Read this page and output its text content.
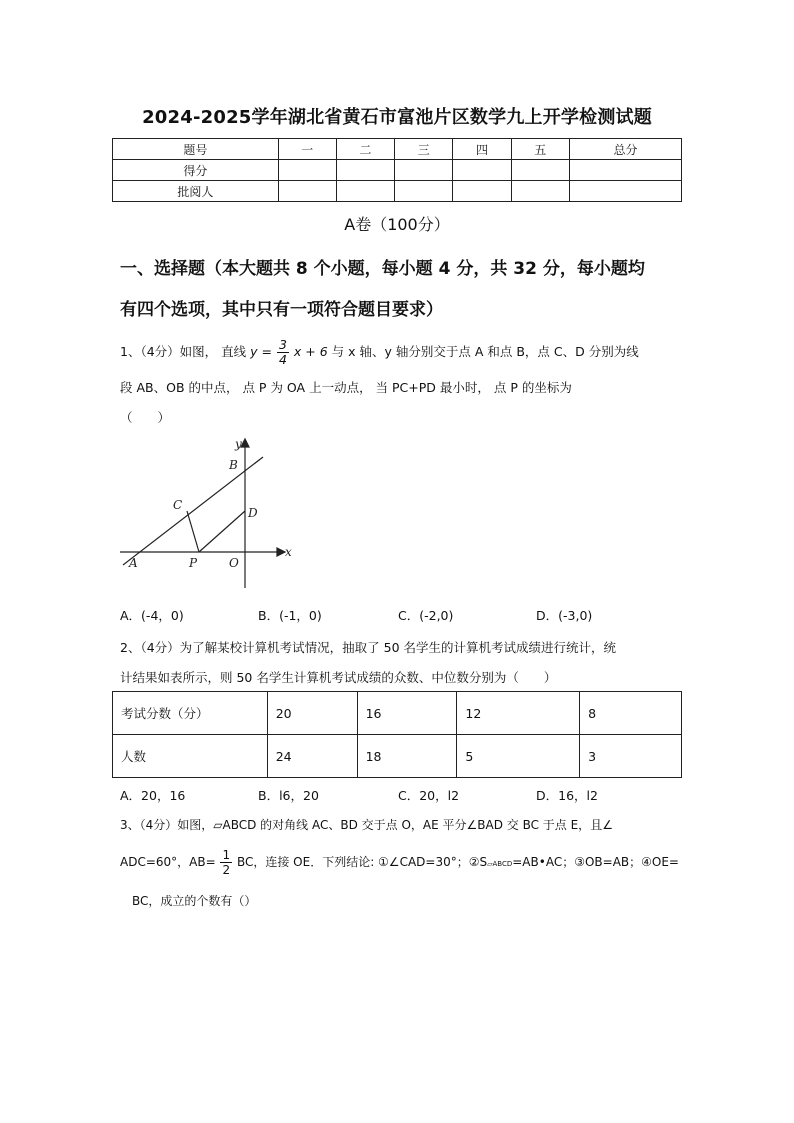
2024-2025学年湖北省黄石市富池片区数学九上开学检测试题
题号	一	二	三	四	五	总分
得分						
批阅人						
A卷（100分）
一、选择题（本大题共 8 个小题，每小题 4 分，共 32 分，每小题均
有四个选项，其中只有一项符合题目要求）
1、（4分）如图， 直线 $y = \frac{3}{4}$ x + 6 与 x 轴、y 轴分别交于点 A 和点 B，点 C、D 分别为线
段 AB、OB 的中点， 点 P 为 OA 上一动点， 当 PC+PD 最小时， 点 P 的坐标为
（　　）
y
x
B
C
D
A	P	O
A．(-4，0)	B．(-1，0)	C．(-2,0)	D．(-3,0)
2、（4分）为了解某校计算机考试情况，抽取了 50 名学生的计算机考试成绩进行统计，统
计结果如表所示，则 50 名学生计算机考试成绩的众数、中位数分别为（　　）
考试分数（分）	20	16	12	8
人数	24	18	5	3
A．20，16	B．l6，20	C．20，l2	D．16，l2
3、（4分）如图，▱ABCD 的对角线 AC、BD 交于点 O，AE 平分∠BAD 交 BC 于点 E，且∠
ADC=60°，$AB= \frac{1}{2}$ BC，连接 OE．下列结论: ①∠CAD=30°；②S▱ABCD=AB•AC；③OB=AB；④OE=
BC，成立的个数有（）
